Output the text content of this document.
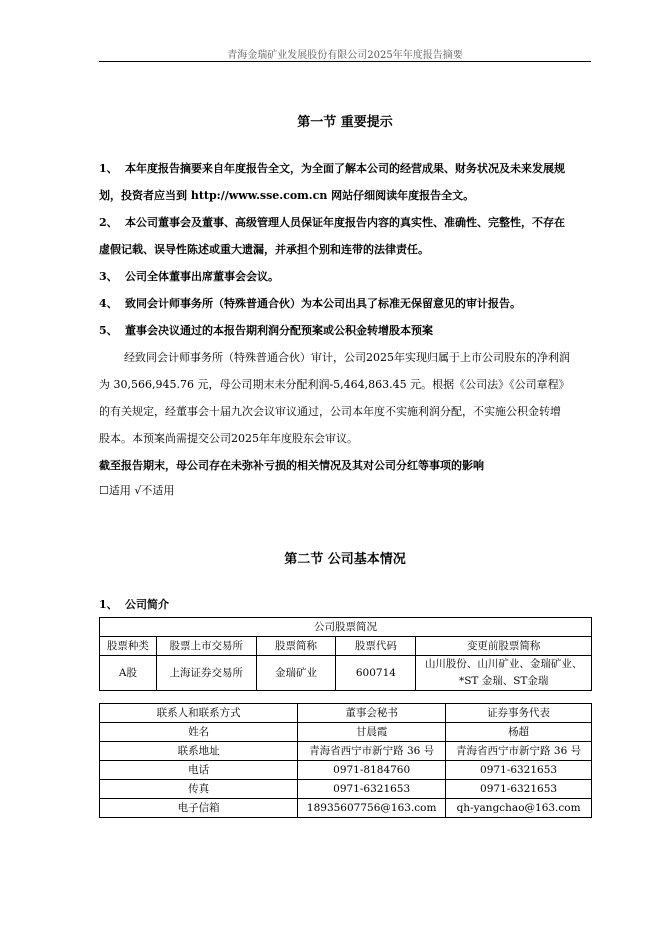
青海金瑞矿业发展股份有限公司2025年年度报告摘要
第一节 重要提示
1、 本年度报告摘要来自年度报告全文，为全面了解本公司的经营成果、财务状况及未来发展规
划，投资者应当到 http://www.sse.com.cn 网站仔细阅读年度报告全文。
2、 本公司董事会及董事、高级管理人员保证年度报告内容的真实性、准确性、完整性，不存在
虚假记载、误导性陈述或重大遗漏，并承担个别和连带的法律责任。
3、 公司全体董事出席董事会会议。
4、 致同会计师事务所（特殊普通合伙）为本公司出具了标准无保留意见的审计报告。
5、 董事会决议通过的本报告期利润分配预案或公积金转增股本预案
经致同会计师事务所（特殊普通合伙）审计，公司2025年实现归属于上市公司股东的净利润
为 30,566,945.76 元，母公司期末未分配利润-5,464,863.45 元。根据《公司法》《公司章程》
的有关规定，经董事会十届九次会议审议通过，公司本年度不实施利润分配，不实施公积金转增
股本。本预案尚需提交公司2025年年度股东会审议。
截至报告期末，母公司存在未弥补亏损的相关情况及其对公司分红等事项的影响
☐适用 √不适用
第二节 公司基本情况
1、 公司简介
公司股票简况				
股票种类	股票上市交易所	股票简称	股票代码	变更前股票简称
A股	上海证券交易所	金瑞矿业	600714	山川股份、山川矿业、金瑞矿业、
*ST 金瑞、ST金瑞
联系人和联系方式	董事会秘书	证券事务代表
姓名	甘晨霞	杨超
联系地址	青海省西宁市新宁路 36 号	青海省西宁市新宁路 36 号
电话	0971-8184760	0971-6321653
传真	0971-6321653	0971-6321653
电子信箱	18935607756@163.com	qh-yangchao@163.com
